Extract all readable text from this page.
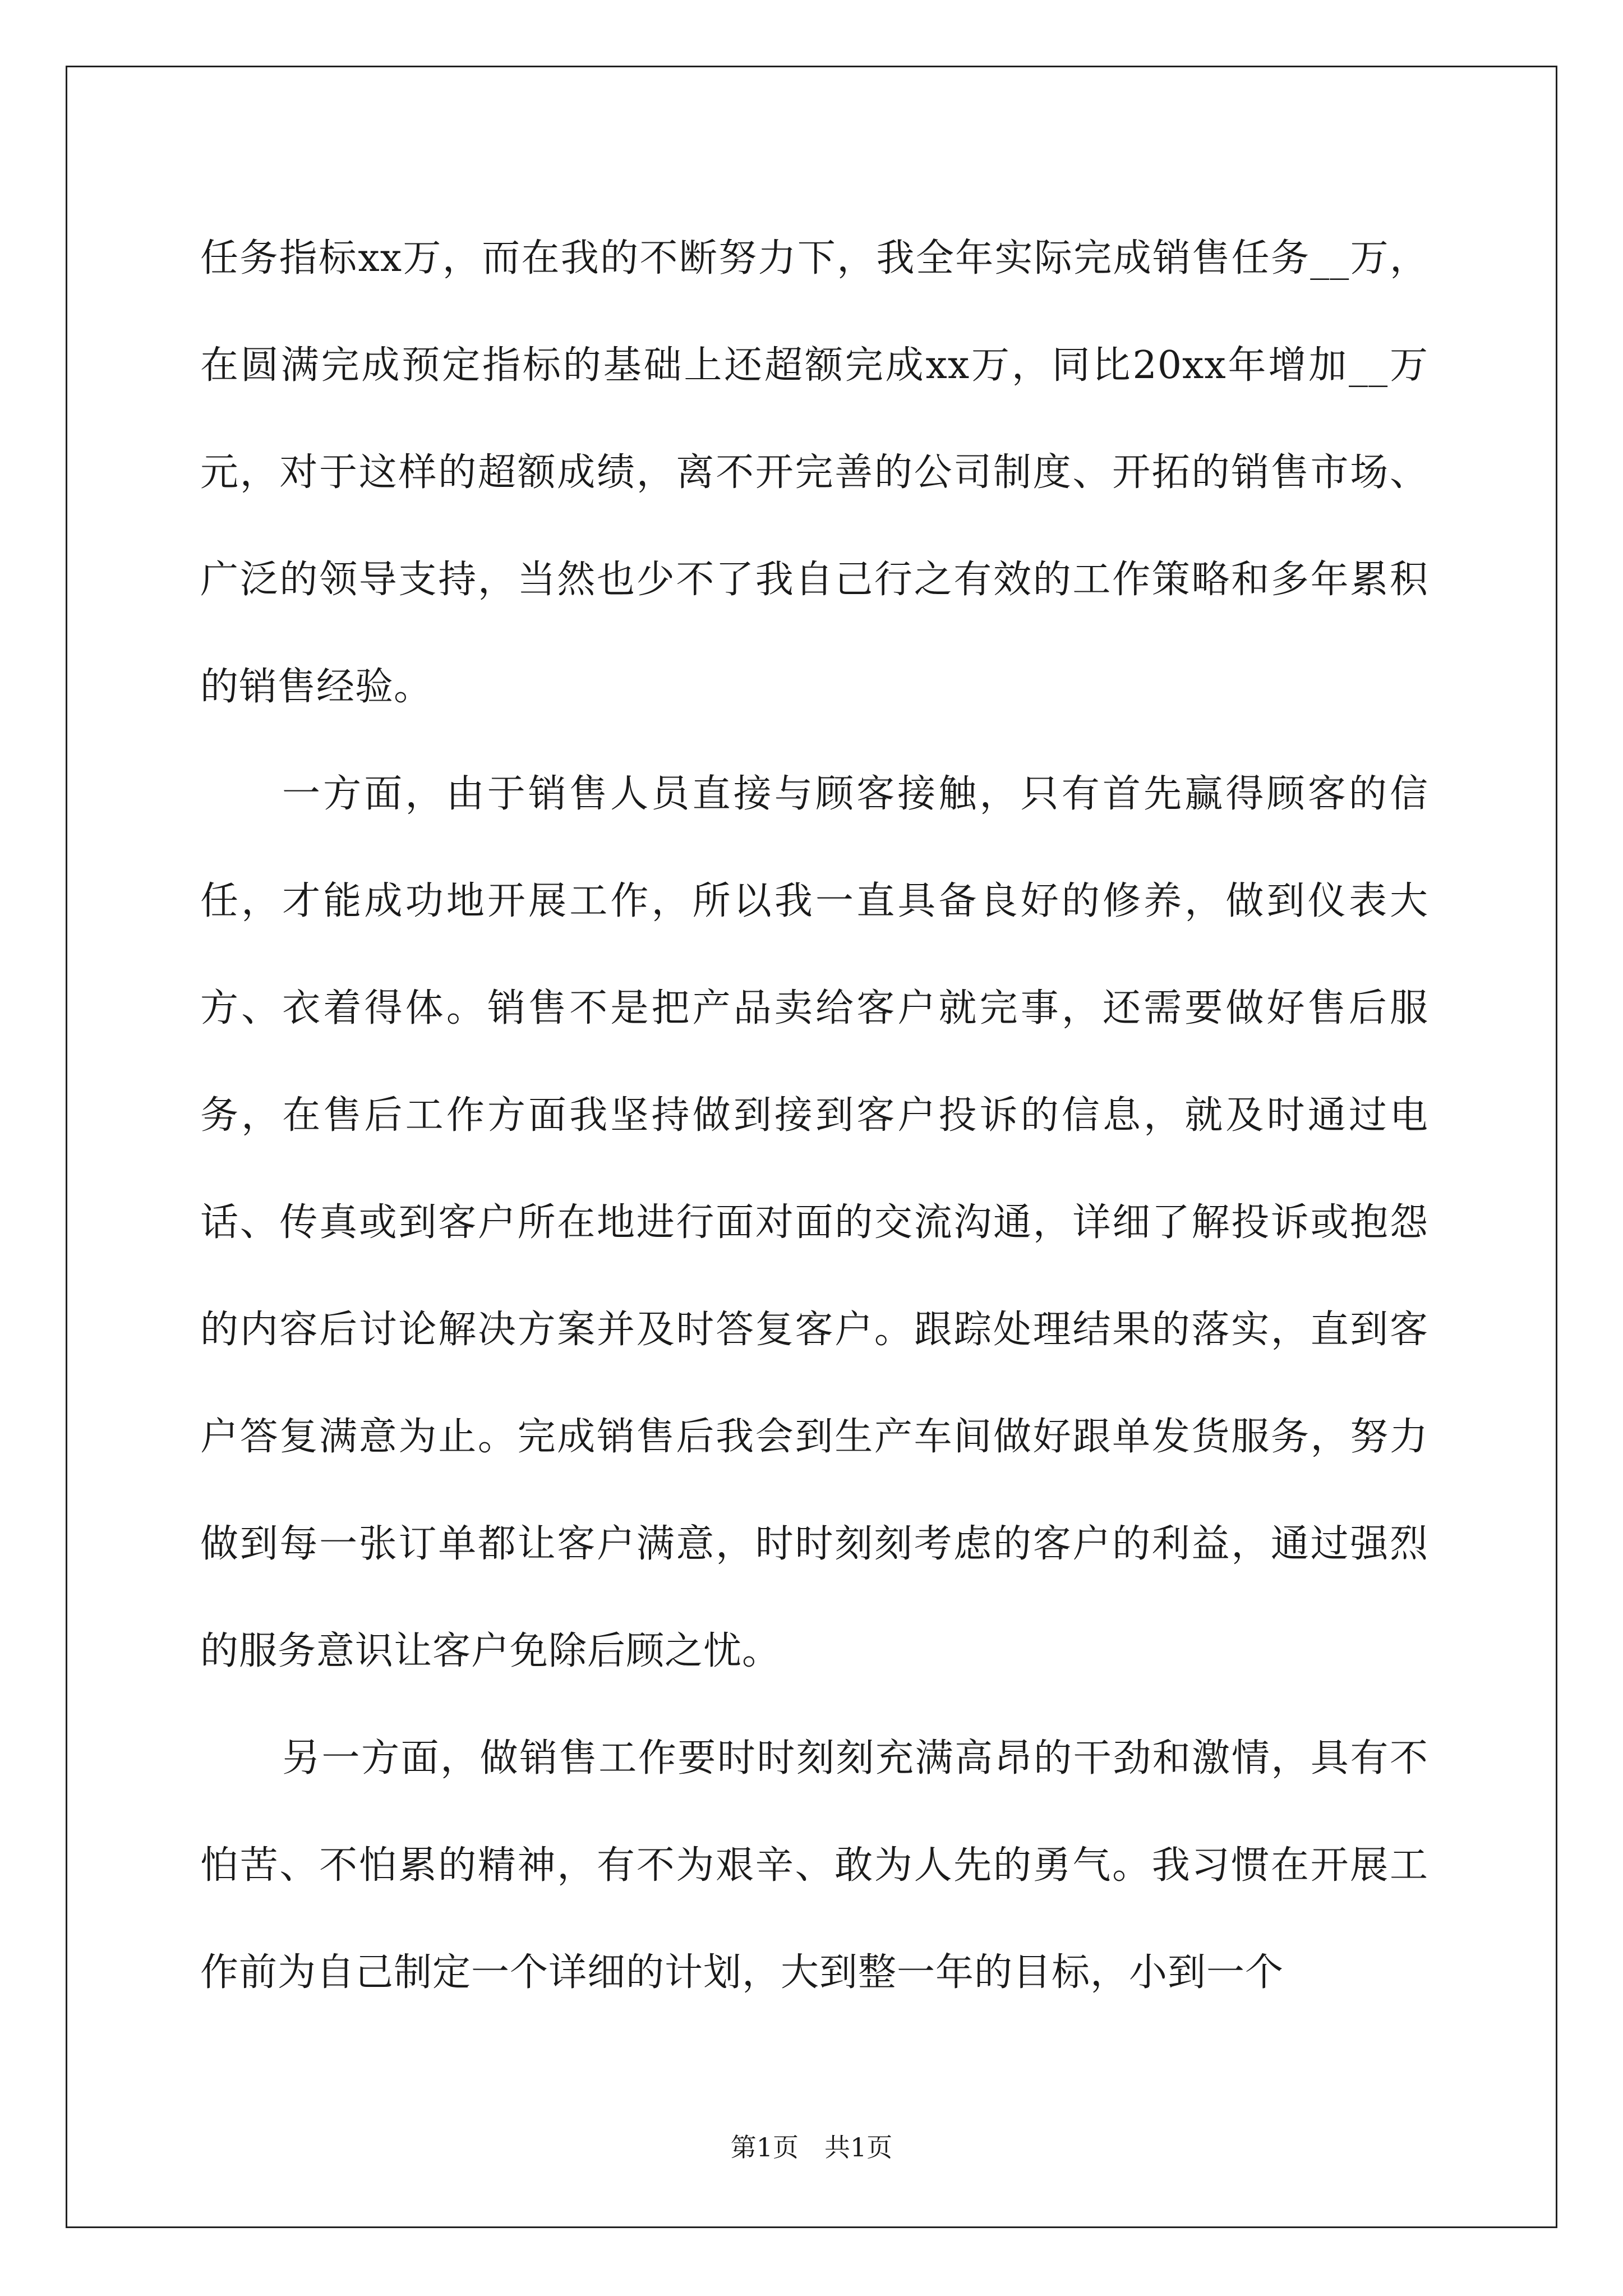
任务指标xx万，而在我的不断努力下，我全年实际完成销售任务__万，在圆满完成预定指标的基础上还超额完成xx万，同比20xx年增加__万元，对于这样的超额成绩，离不开完善的公司制度、开拓的销售市场、广泛的领导支持，当然也少不了我自己行之有效的工作策略和多年累积的销售经验。

一方面，由于销售人员直接与顾客接触，只有首先赢得顾客的信任，才能成功地开展工作，所以我一直具备良好的修养，做到仪表大方、衣着得体。销售不是把产品卖给客户就完事，还需要做好售后服务，在售后工作方面我坚持做到接到客户投诉的信息，就及时通过电话、传真或到客户所在地进行面对面的交流沟通，详细了解投诉或抱怨的内容后讨论解决方案并及时答复客户。跟踪处理结果的落实，直到客户答复满意为止。完成销售后我会到生产车间做好跟单发货服务，努力做到每一张订单都让客户满意，时时刻刻考虑的客户的利益，通过强烈的服务意识让客户免除后顾之忧。

另一方面，做销售工作要时时刻刻充满高昂的干劲和激情，具有不怕苦、不怕累的精神，有不为艰辛、敢为人先的勇气。我习惯在开展工作前为自己制定一个详细的计划，大到整一年的目标，小到一个

第1页 共1页
